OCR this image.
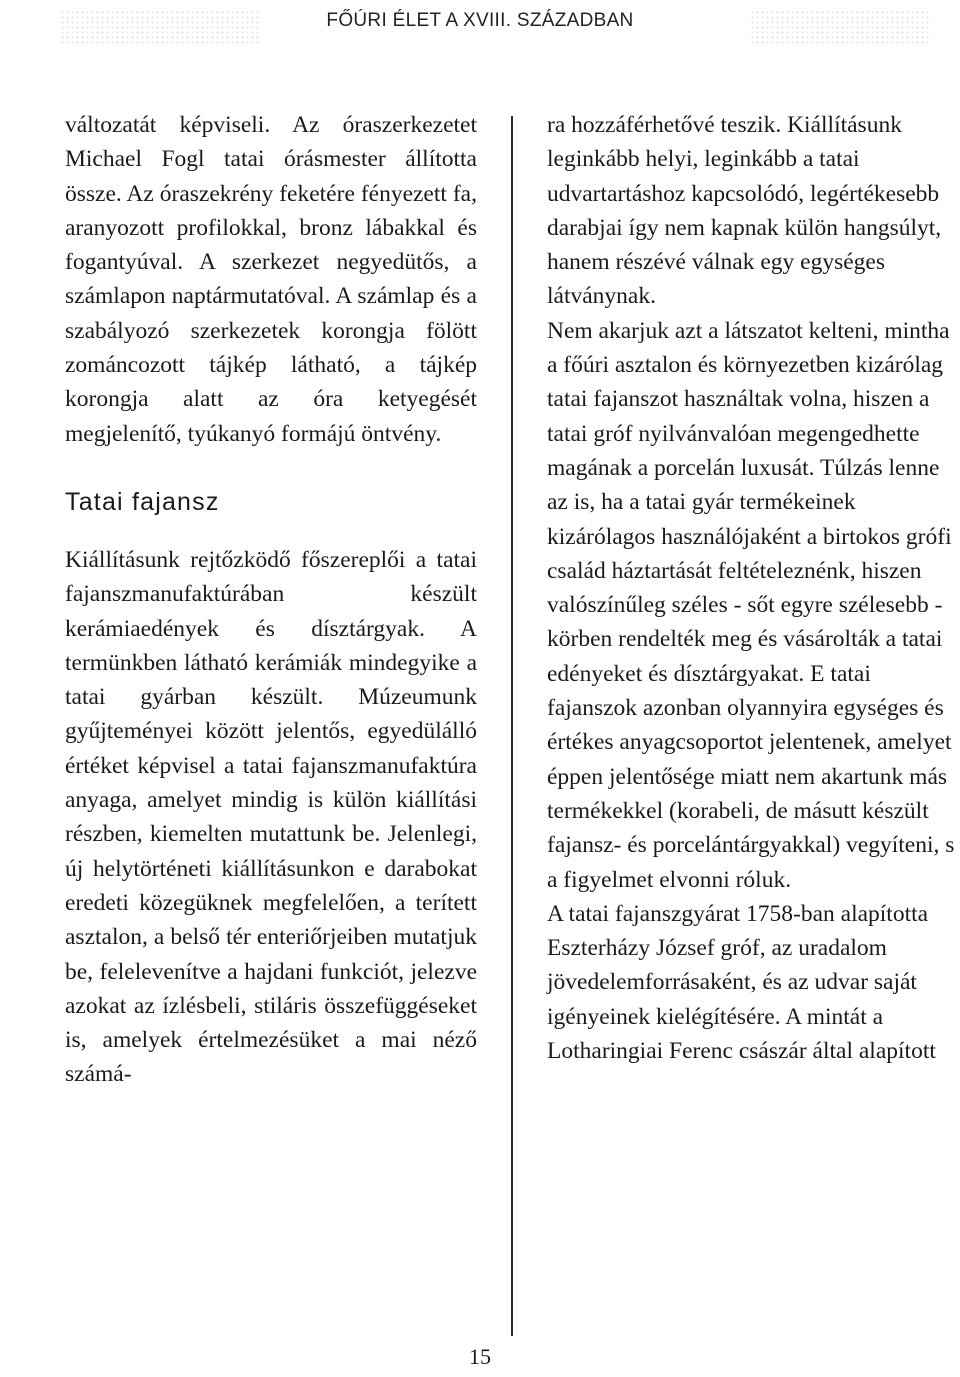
FŐÚRI ÉLET A XVIII. SZÁZADBAN

változatát képviseli. Az óraszerkezetet Michael Fogl tatai órásmester állította össze. Az óraszekrény feketére fényezett fa, aranyozott profilokkal, bronz lábakkal és fogantyúval. A szerkezet negyedütős, a számlapon naptármutatóval. A számlap és a szabályozó szerkezetek korongja fölött zománcozott tájkép látható, a tájkép korongja alatt az óra ketyegését megjelenítő, tyúkanyó formájú öntvény.

Tatai fajansz

Kiállításunk rejtőzködő főszereplői a tatai fajanszmanufaktúrában készült kerámiaedények és dísztárgyak. A termünkben látható kerámiák mindegyike a tatai gyárban készült. Múzeumunk gyűjteményei között jelentős, egyedülálló értéket képvisel a tatai fajanszmanufaktúra anyaga, amelyet mindig is külön kiállítási részben, kiemelten mutattunk be. Jelenlegi, új helytörténeti kiállításunkon e darabokat eredeti közegüknek megfelelően, a terített asztalon, a belső tér enteriőrjeiben mutatjuk be, felelevenítve a hajdani funkciót, jelezve azokat az ízlésbeli, stiláris összefüggéseket is, amelyek értelmezésüket a mai néző számá-

ra hozzáférhetővé teszik. Kiállításunk leginkább helyi, leginkább a tatai udvartartáshoz kapcsolódó, legértékesebb darabjai így nem kapnak külön hangsúlyt, hanem részévé válnak egy egységes látványnak.

Nem akarjuk azt a látszatot kelteni, mintha a főúri asztalon és környezetben kizárólag tatai fajanszot használtak volna, hiszen a tatai gróf nyilvánvalóan megengedhette magának a porcelán luxusát. Túlzás lenne az is, ha a tatai gyár termékeinek kizárólagos használójaként a birtokos grófi család háztartását feltételeznénk, hiszen valószínűleg széles - sőt egyre szélesebb - körben rendelték meg és vásárolták a tatai edényeket és dísztárgyakat. E tatai fajanszok azonban olyannyira egységes és értékes anyagcsoportot jelentenek, amelyet éppen jelentősége miatt nem akartunk más termékekkel (korabeli, de másutt készült fajansz- és porcelántárgyakkal) vegyíteni, s a figyelmet elvonni róluk.

A tatai fajanszgyárat 1758-ban alapította Eszterházy József gróf, az uradalom jövedelemforrásaként, és az udvar saját igényeinek kielégítésére. A mintát a Lotharingiai Ferenc császár által alapított

15
